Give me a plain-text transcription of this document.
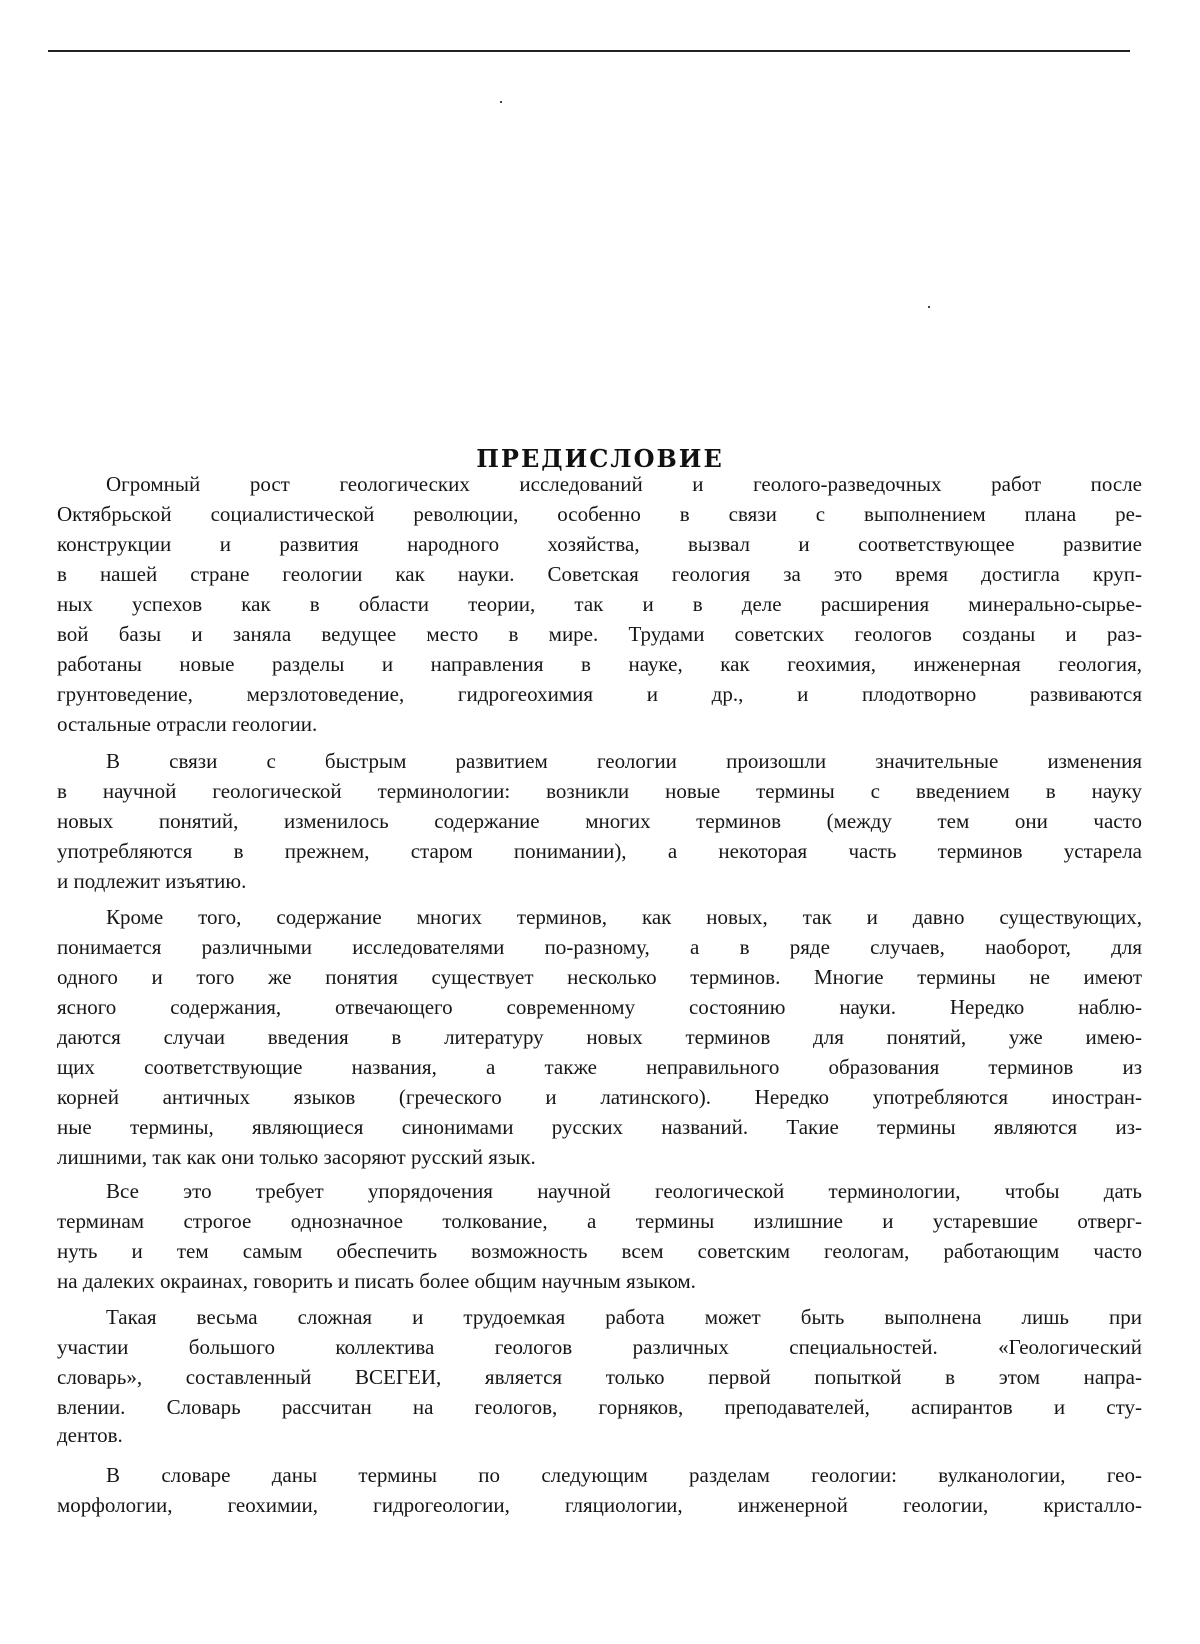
ПРЕДИСЛОВИЕ
Огромный рост геологических исследований и геолого-разведочных работ после
Октябрьской социалистической революции, особенно в связи с выполнением плана ре-
конструкции и развития народного хозяйства, вызвал и соответствующее развитие
в нашей стране геологии как науки. Советская геология за это время достигла круп-
ных успехов как в области теории, так и в деле расширения минерально-сырье-
вой базы и заняла ведущее место в мире. Трудами советских геологов созданы и раз-
работаны новые разделы и направления в науке, как геохимия, инженерная геология,
грунтоведение, мерзлотоведение, гидрогеохимия и др., и плодотворно развиваются
остальные отрасли геологии.
В связи с быстрым развитием геологии произошли значительные изменения
в научной геологической терминологии: возникли новые термины с введением в науку
новых понятий, изменилось содержание многих терминов (между тем они часто
употребляются в прежнем, старом понимании), а некоторая часть терминов устарела
и подлежит изъятию.
Кроме того, содержание многих терминов, как новых, так и давно существующих,
понимается различными исследователями по-разному, а в ряде случаев, наоборот, для
одного и того же понятия существует несколько терминов. Многие термины не имеют
ясного содержания, отвечающего современному состоянию науки. Нередко наблю-
даются случаи введения в литературу новых терминов для понятий, уже имею-
щих соответствующие названия, а также неправильного образования терминов из
корней античных языков (греческого и латинского). Нередко употребляются иностран-
ные термины, являющиеся синонимами русских названий. Такие термины являются из-
лишними, так как они только засоряют русский язык.
Все это требует упорядочения научной геологической терминологии, чтобы дать
терминам строгое однозначное толкование, а термины излишние и устаревшие отверг-
нуть и тем самым обеспечить возможность всем советским геологам, работающим часто
на далеких окраинах, говорить и писать более общим научным языком.
Такая весьма сложная и трудоемкая работа может быть выполнена лишь при
участии большого коллектива геологов различных специальностей. «Геологический
словарь», составленный ВСЕГЕИ, является только первой попыткой в этом напра-
влении. Словарь рассчитан на геологов, горняков, преподавателей, аспирантов и сту-
дентов.
В словаре даны термины по следующим разделам геологии: вулканологии, гео-
морфологии, геохимии, гидрогеологии, гляциологии, инженерной геологии, кристалло-
